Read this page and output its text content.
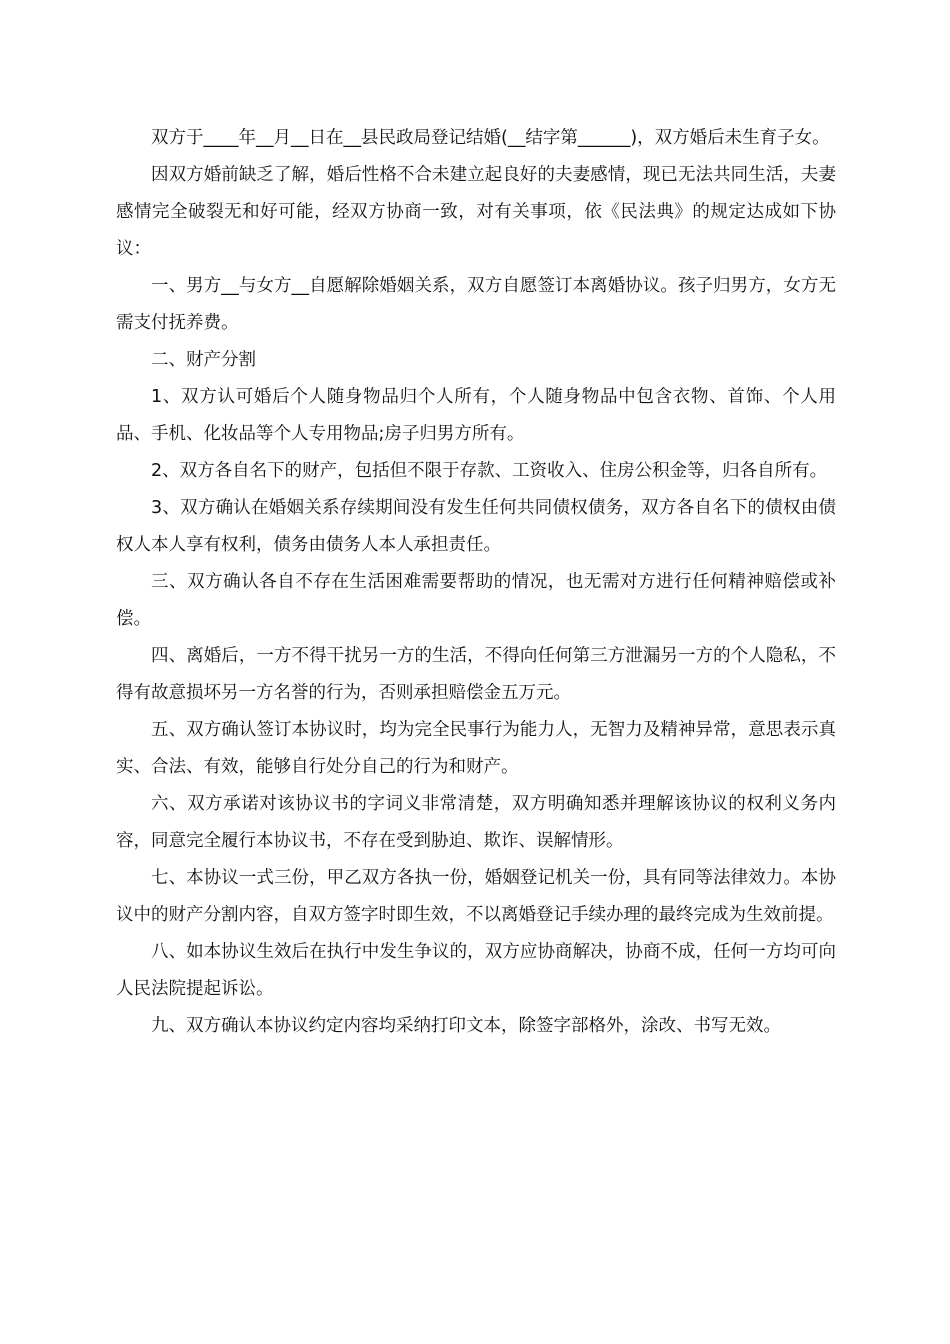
双方于____年__月__日在__县民政局登记结婚(__结字第______)，双方婚后未生育子女。

因双方婚前缺乏了解，婚后性格不合未建立起良好的夫妻感情，现已无法共同生活，夫妻感情完全破裂无和好可能，经双方协商一致，对有关事项，依《民法典》的规定达成如下协议：

一、男方__与女方__自愿解除婚姻关系，双方自愿签订本离婚协议。孩子归男方，女方无需支付抚养费。

二、财产分割

1、双方认可婚后个人随身物品归个人所有，个人随身物品中包含衣物、首饰、个人用品、手机、化妆品等个人专用物品;房子归男方所有。

2、双方各自名下的财产，包括但不限于存款、工资收入、住房公积金等，归各自所有。

3、双方确认在婚姻关系存续期间没有发生任何共同债权债务，双方各自名下的债权由债权人本人享有权利，债务由债务人本人承担责任。

三、双方确认各自不存在生活困难需要帮助的情况，也无需对方进行任何精神赔偿或补偿。

四、离婚后，一方不得干扰另一方的生活，不得向任何第三方泄漏另一方的个人隐私，不得有故意损坏另一方名誉的行为，否则承担赔偿金五万元。

五、双方确认签订本协议时，均为完全民事行为能力人，无智力及精神异常，意思表示真实、合法、有效，能够自行处分自己的行为和财产。

六、双方承诺对该协议书的字词义非常清楚，双方明确知悉并理解该协议的权利义务内容，同意完全履行本协议书，不存在受到胁迫、欺诈、误解情形。

七、本协议一式三份，甲乙双方各执一份，婚姻登记机关一份，具有同等法律效力。本协议中的财产分割内容，自双方签字时即生效，不以离婚登记手续办理的最终完成为生效前提。

八、如本协议生效后在执行中发生争议的，双方应协商解决，协商不成，任何一方均可向人民法院提起诉讼。

九、双方确认本协议约定内容均采纳打印文本，除签字部格外，涂改、书写无效。
